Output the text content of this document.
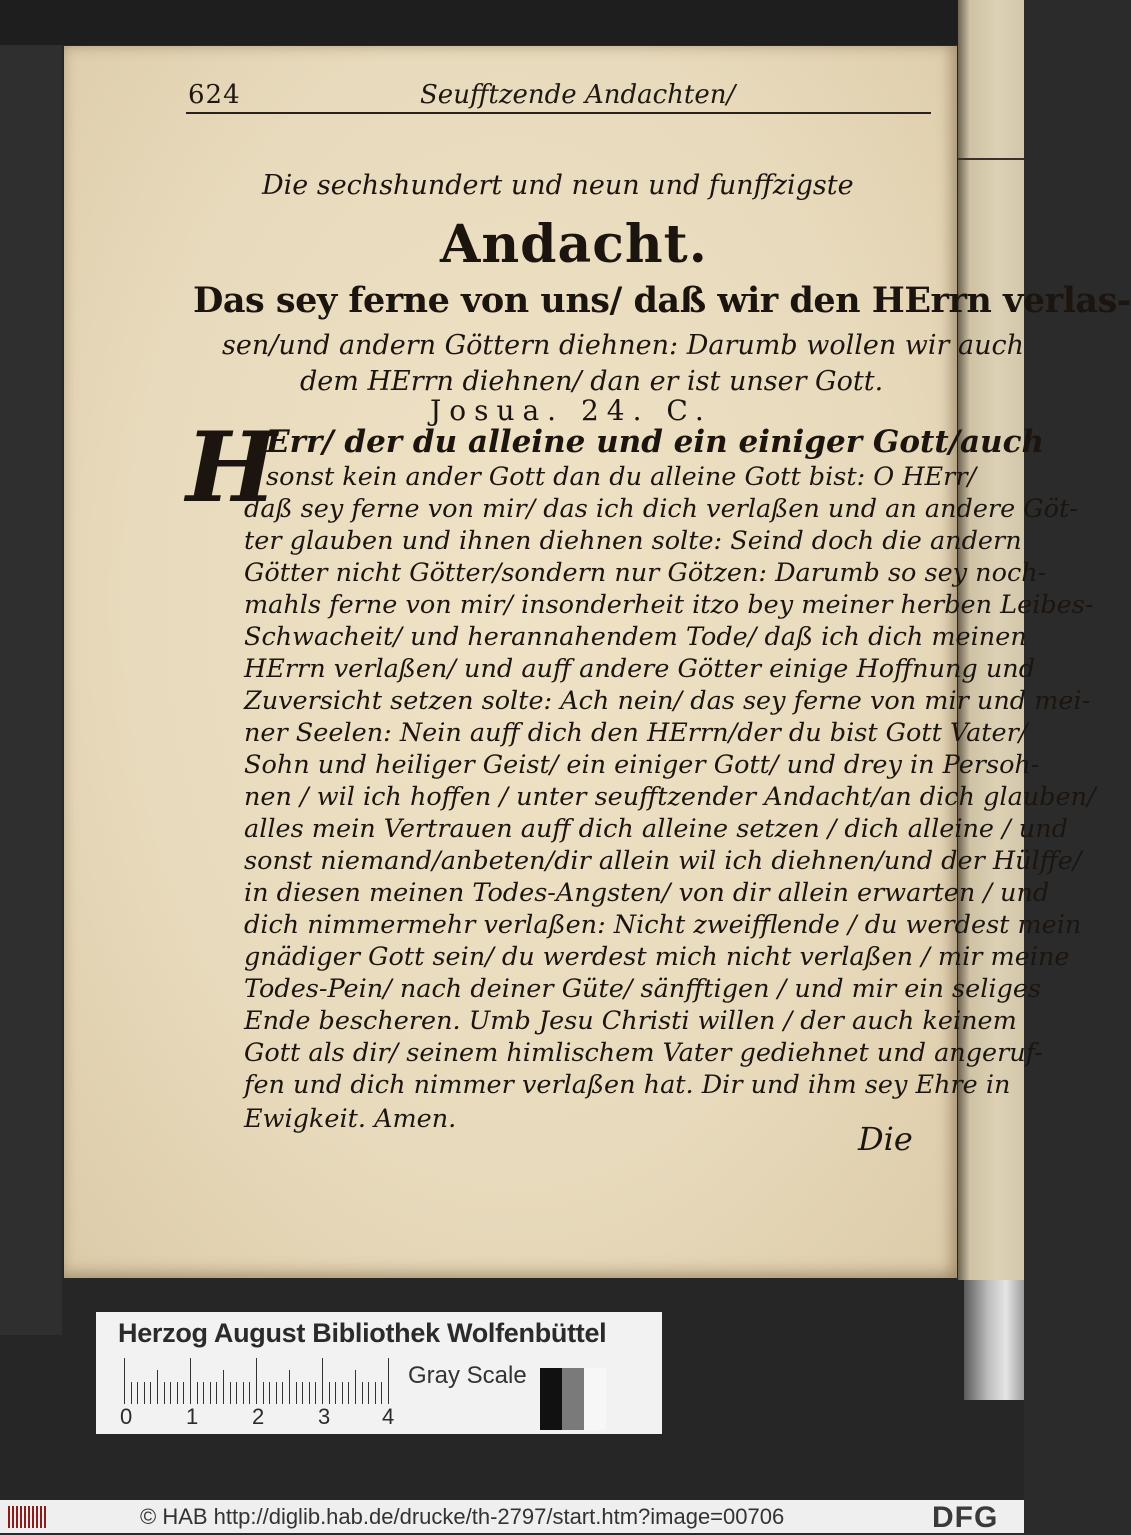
624	Seufftzende Andachten/
Die sechshundert und neun und funffzigste
Andacht.
Das sey ferne von uns/ daß wir den HErrn verlas-
sen/und andern Göttern diehnen: Darumb wollen wir auch
dem HErrn diehnen/ dan er ist unser Gott.
Josua. 24. C.
H
Err/ der du alleine und ein einiger Gott/auch
sonst kein ander Gott dan du alleine Gott bist: O HErr/
daß sey ferne von mir/ das ich dich verlaßen und an andere Göt-
ter glauben und ihnen diehnen solte: Seind doch die andern
Götter nicht Götter/sondern nur Götzen: Darumb so sey noch-
mahls ferne von mir/ insonderheit itzo bey meiner herben Leibes-
Schwacheit/ und herannahendem Tode/ daß ich dich meinen
HErrn verlaßen/ und auff andere Götter einige Hoffnung und
Zuversicht setzen solte: Ach nein/ das sey ferne von mir und mei-
ner Seelen: Nein auff dich den HErrn/der du bist Gott Vater/
Sohn und heiliger Geist/ ein einiger Gott/ und drey in Persoh-
nen / wil ich hoffen / unter seufftzender Andacht/an dich glauben/
alles mein Vertrauen auff dich alleine setzen / dich alleine / und
sonst niemand/anbeten/dir allein wil ich diehnen/und der Hülffe/
in diesen meinen Todes-Angsten/ von dir allein erwarten / und
dich nimmermehr verlaßen: Nicht zweifflende / du werdest mein
gnädiger Gott sein/ du werdest mich nicht verlaßen / mir meine
Todes-Pein/ nach deiner Güte/ sänfftigen / und mir ein seliges
Ende bescheren. Umb Jesu Christi willen / der auch keinem
Gott als dir/ seinem himlischem Vater gediehnet und angeruf-
fen und dich nimmer verlaßen hat. Dir und ihm sey Ehre in
Ewigkeit. Amen.
Die
Herzog August Bibliothek Wolfenbüttel
0 1 2 3 4
Gray Scale
© HAB http://diglib.hab.de/drucke/th-2797/start.htm?image=00706	DFG
